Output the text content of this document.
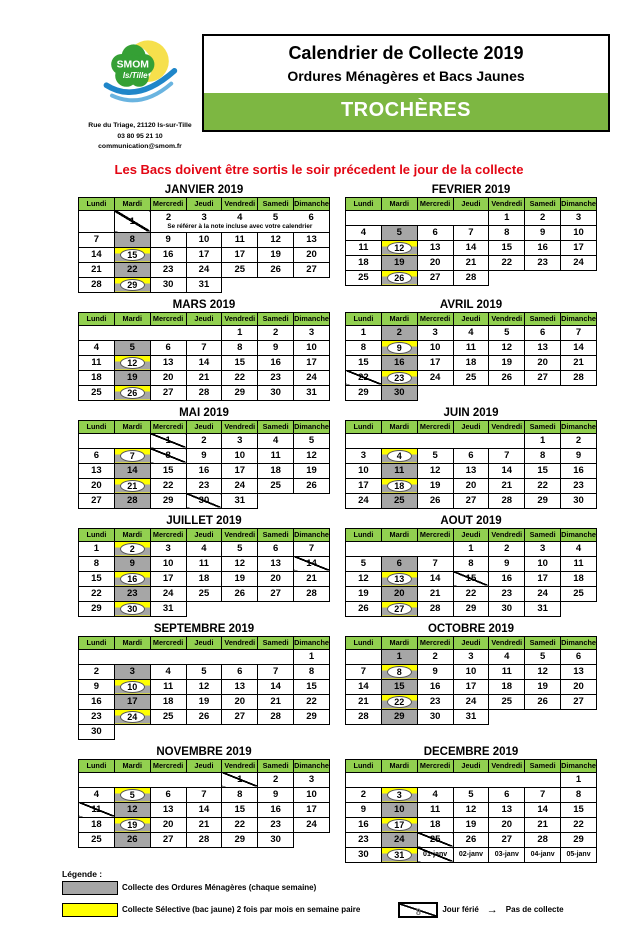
SMOM
Is/Tille
Rue du Triage, 21120 Is-sur-Tille
03 80 95 21 10
communication@smom.fr
Calendrier de Collecte 2019
Ordures Ménagères et Bacs Jaunes
TROCHÈRES
Les Bacs doivent être sortis le soir précedent le jour de la collecte
JANVIER 2019
Lundi	Mardi	Mercredi	Jeudi	Vendredi	Samedi	Dimanche
	1	2	3	4	5	6
Se référer à la note incluse avec votre calendrier

7	8	9	10	11	12	13
14	15	16	17	17	19	20
21	22	23	24	25	26	27
28	29	30	31			
FEVRIER 2019
Lundi	Mardi	Mercredi	Jeudi	Vendredi	Samedi	Dimanche
				1	2	3
4	5	6	7	8	9	10
11	12	13	14	15	16	17
18	19	20	21	22	23	24
25	26	27	28			
MARS 2019
Lundi	Mardi	Mercredi	Jeudi	Vendredi	Samedi	Dimanche
				1	2	3
4	5	6	7	8	9	10
11	12	13	14	15	16	17
18	19	20	21	22	23	24
25	26	27	28	29	30	31
AVRIL 2019
Lundi	Mardi	Mercredi	Jeudi	Vendredi	Samedi	Dimanche
1	2	3	4	5	6	7
8	9	10	11	12	13	14
15	16	17	18	19	20	21
22	23	24	25	26	27	28
29	30					
MAI 2019
Lundi	Mardi	Mercredi	Jeudi	Vendredi	Samedi	Dimanche
		1	2	3	4	5
6	7	8	9	10	11	12
13	14	15	16	17	18	19
20	21	22	23	24	25	26
27	28	29	30	31		
JUIN 2019
Lundi	Mardi	Mercredi	Jeudi	Vendredi	Samedi	Dimanche
					1	2
3	4	5	6	7	8	9
10	11	12	13	14	15	16
17	18	19	20	21	22	23
24	25	26	27	28	29	30
JUILLET 2019
Lundi	Mardi	Mercredi	Jeudi	Vendredi	Samedi	Dimanche
1	2	3	4	5	6	7
8	9	10	11	12	13	14
15	16	17	18	19	20	21
22	23	24	25	26	27	28
29	30	31				
AOUT 2019
Lundi	Mardi	Mercredi	Jeudi	Vendredi	Samedi	Dimanche
			1	2	3	4
5	6	7	8	9	10	11
12	13	14	15	16	17	18
19	20	21	22	23	24	25
26	27	28	29	30	31	
SEPTEMBRE 2019
Lundi	Mardi	Mercredi	Jeudi	Vendredi	Samedi	Dimanche
						1
2	3	4	5	6	7	8
9	10	11	12	13	14	15
16	17	18	19	20	21	22
23	24	25	26	27	28	29
30						
OCTOBRE 2019
Lundi	Mardi	Mercredi	Jeudi	Vendredi	Samedi	Dimanche
	1	2	3	4	5	6
7	8	9	10	11	12	13
14	15	16	17	18	19	20
21	22	23	24	25	26	27
28	29	30	31			
NOVEMBRE 2019
Lundi	Mardi	Mercredi	Jeudi	Vendredi	Samedi	Dimanche
				1	2	3
4	5	6	7	8	9	10
11	12	13	14	15	16	17
18	19	20	21	22	23	24
25	26	27	28	29	30	
DECEMBRE 2019
Lundi	Mardi	Mercredi	Jeudi	Vendredi	Samedi	Dimanche
						1
2	3	4	5	6	7	8
9	10	11	12	13	14	15
16	17	18	19	20	21	22
23	24	25	26	27	28	29
30	31	01-janv	02-janv	03-janv	04-janv	05-janv
Légende :
Collecte des Ordures Ménagères (chaque semaine)
Collecte Sélective (bac jaune) 2 fois par mois en semaine paire	8	Jour férié → Pas de collecte
